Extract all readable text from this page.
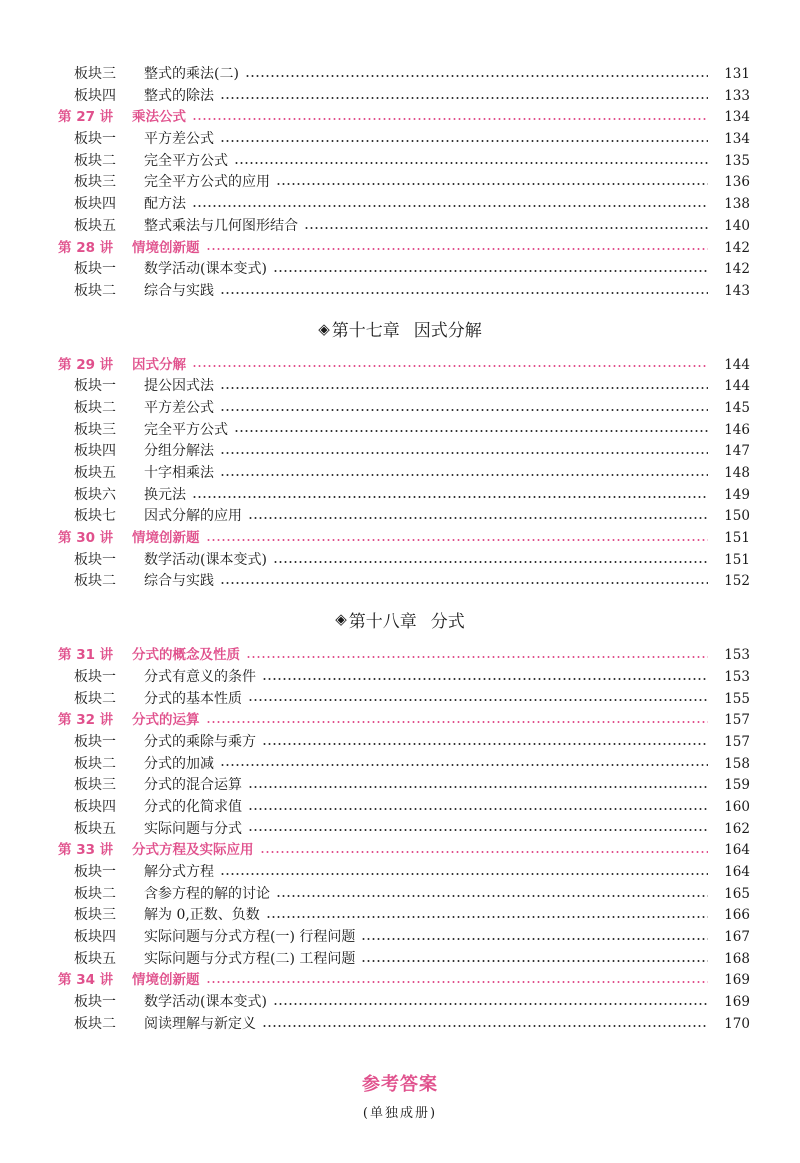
板块三	整式的乘法(二)	131
板块四	整式的除法	133
第 27 讲	乘法公式	134
板块一	平方差公式	134
板块二	完全平方公式	135
板块三	完全平方公式的应用	136
板块四	配方法	138
板块五	整式乘法与几何图形结合	140
第 28 讲	情境创新题	142
板块一	数学活动(课本变式)	142
板块二	综合与实践	143
◈ 第十七章 因式分解
第 29 讲	因式分解	144
板块一	提公因式法	144
板块二	平方差公式	145
板块三	完全平方公式	146
板块四	分组分解法	147
板块五	十字相乘法	148
板块六	换元法	149
板块七	因式分解的应用	150
第 30 讲	情境创新题	151
板块一	数学活动(课本变式)	151
板块二	综合与实践	152
◈ 第十八章 分式
第 31 讲	分式的概念及性质	153
板块一	分式有意义的条件	153
板块二	分式的基本性质	155
第 32 讲	分式的运算	157
板块一	分式的乘除与乘方	157
板块二	分式的加减	158
板块三	分式的混合运算	159
板块四	分式的化简求值	160
板块五	实际问题与分式	162
第 33 讲	分式方程及实际应用	164
板块一	解分式方程	164
板块二	含参方程的解的讨论	165
板块三	解为 0,正数、负数	166
板块四	实际问题与分式方程(一) 行程问题	167
板块五	实际问题与分式方程(二) 工程问题	168
第 34 讲	情境创新题	169
板块一	数学活动(课本变式)	169
板块二	阅读理解与新定义	170
参考答案
(单独成册)
